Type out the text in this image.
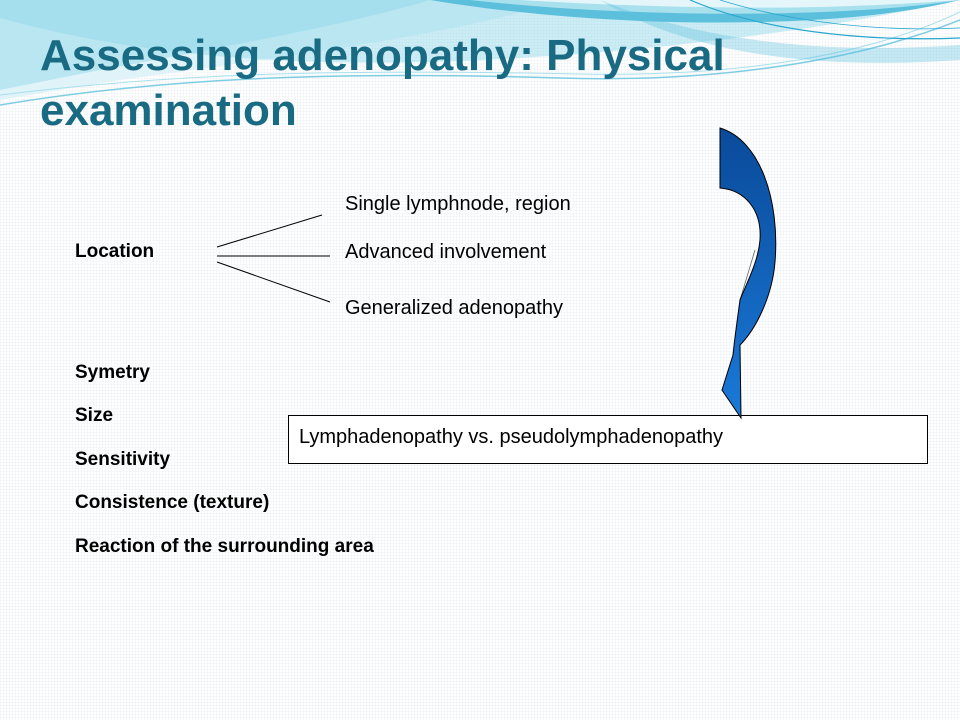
Assessing adenopathy: Physical examination
Location
Single lymphnode, region
Advanced involvement
Generalized adenopathy
Symetry
Size
Sensitivity
Consistence (texture)
Reaction of the surrounding area
Lymphadenopathy vs. pseudolymphadenopathy
